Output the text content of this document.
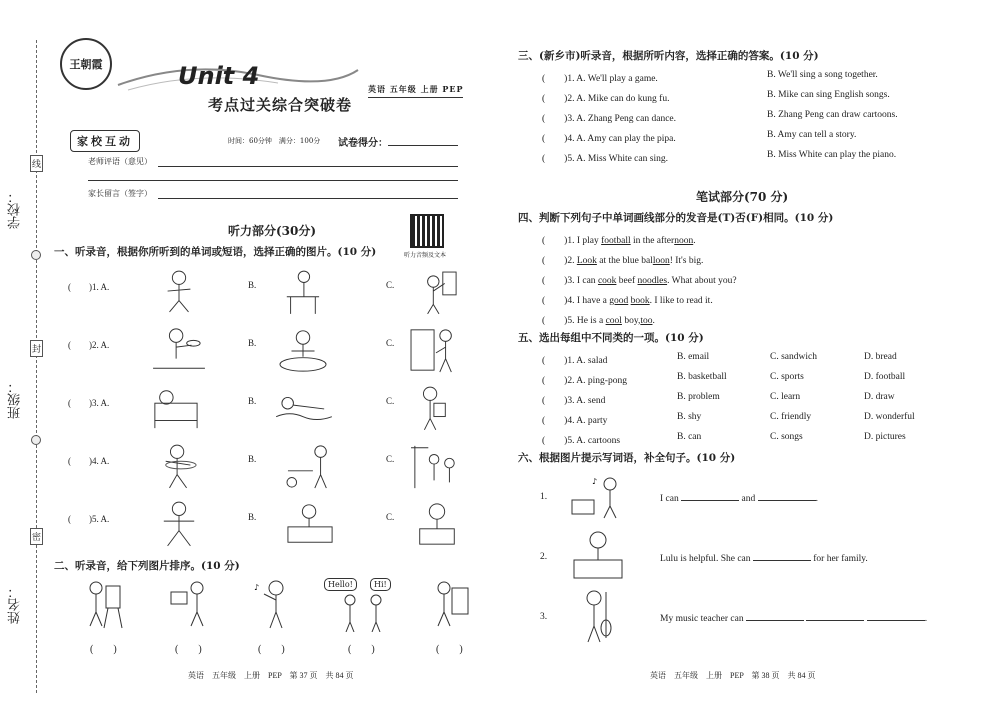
学校：
班级：
姓名：
线
封
密
王朝霞	Unit 4
考点过关综合突破卷
英语 五年级 上册 PEP
家校互动	时间：60分钟　满分：100分 试卷得分：
老师评语（意见）
家长留言（签字）
听力部分(30分)
听力音频及文本
一、听录音，根据你所听到的单词或短语，选择正确的图片。(10 分)
(　　)1. A.	B.	C.
(　　)2. A.	B.	C.
(　　)3. A.	B.	C.
(　　)4. A.	B.	C.
(　　)5. A.	B.	C.
二、听录音，给下列图片排序。(10 分)
(　　)	(　　)
♪
(　　)
Hello!	Hi!
(　　)	(　　)
英语　五年级　上册　PEP　第 37 页　共 84 页
三、(新乡市)听录音，根据所听内容，选择正确的答案。(10 分)
(　　)1. A. We'll play a game.	B. We'll sing a song together.
(　　)2. A. Mike can do kung fu.	B. Mike can sing English songs.
(　　)3. A. Zhang Peng can dance.	B. Zhang Peng can draw cartoons.
(　　)4. A. Amy can play the pipa.	B. Amy can tell a story.
(　　)5. A. Miss White can sing.	B. Miss White can play the piano.
笔试部分(70 分)
四、判断下列句子中单词画线部分的发音是(T)否(F)相同。(10 分)
(　　)1. I play football in the afternoon.
(　　)2. Look at the blue balloon! It's big.
(　　)3. I can cook beef noodles. What about you?
(　　)4. I have a good book. I like to read it.
(　　)5. He is a cool boy,too.
五、选出每组中不同类的一项。(10 分)
(　　)1. A. salad	B. email	C. sandwich	D. bread
(　　)2. A. ping-pong	B. basketball	C. sports	D. football
(　　)3. A. send	B. problem	C. learn	D. draw
(　　)4. A. party	B. shy	C. friendly	D. wonderful
(　　)5. A. cartoons	B. can	C. songs	D. pictures
六、根据图片提示写词语，补全句子。(10 分)
1.
♪
I can	and	.
2.	Lulu is helpful. She can	for her family.
3.	My music teacher can	.
英语　五年级　上册　PEP　第 38 页　共 84 页
